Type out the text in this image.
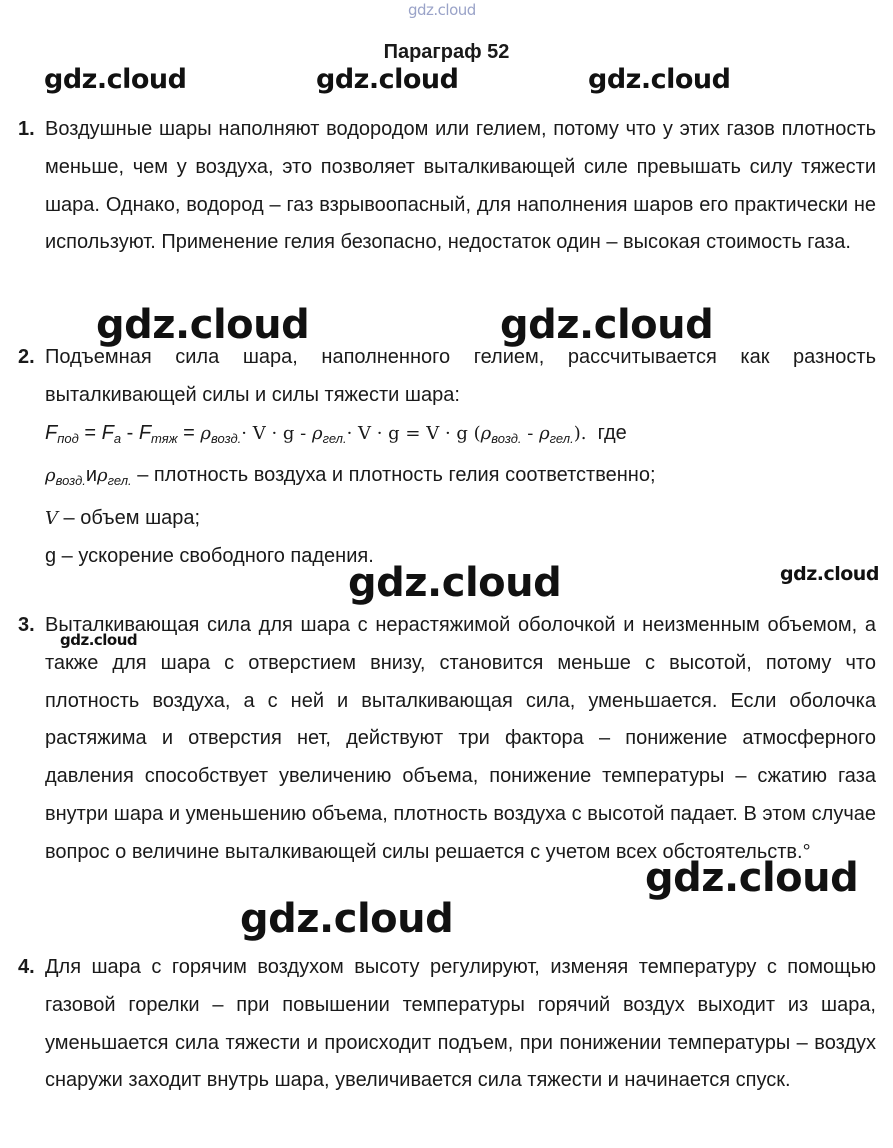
gdz.cloud
gdz.cloud	gdz.cloud	gdz.cloud
gdz.cloud	gdz.cloud
gdz.cloud	gdz.cloud
gdz.cloud
gdz.cloud
gdz.cloud
Параграф 52
1. Воздушные шары наполняют водородом или гелием, потому что у этих газов плотность меньше, чем у воздуха, это позволяет выталкивающей силе превышать силу тяжести шара. Однако, водород – газ взрывоопасный, для наполнения шаров его практически не используют. Применение гелия безопасно, недостаток один – высокая стоимость газа.
2. Подъемная сила шара, наполненного гелием, рассчитывается как разность выталкивающей силы и силы тяжести шара:
$F_{под} = F_а - F_{тяж} = \rho_{возд.}\cdot V \cdot g - \rho_{гел.}\cdot V \cdot g = V \cdot g$ $(\rho_{возд.} - \rho_{гел.})$. где
$\rho_{возд.}и\rho_{гел.}$ – плотность воздуха и плотность гелия соответственно;
V – объем шара;
g – ускорение свободного падения.
3. Выталкивающая сила для шара с нерастяжимой оболочкой и неизменным объемом, а также для шара с отверстием внизу, становится меньше с высотой, потому что плотность воздуха, а с ней и выталкивающая сила, уменьшается. Если оболочка растяжима и отверстия нет, действуют три фактора – понижение атмосферного давления способствует увеличению объема, понижение температуры – сжатию газа внутри шара и уменьшению объема, плотность воздуха с высотой падает. В этом случае вопрос о величине выталкивающей силы решается с учетом всех обстоятельств.°
4. Для шара с горячим воздухом высоту регулируют, изменяя температуру с помощью газовой горелки – при повышении температуры горячий воздух выходит из шара, уменьшается сила тяжести и происходит подъем, при понижении температуры – воздух снаружи заходит внутрь шара, увеличивается сила тяжести и начинается спуск.
